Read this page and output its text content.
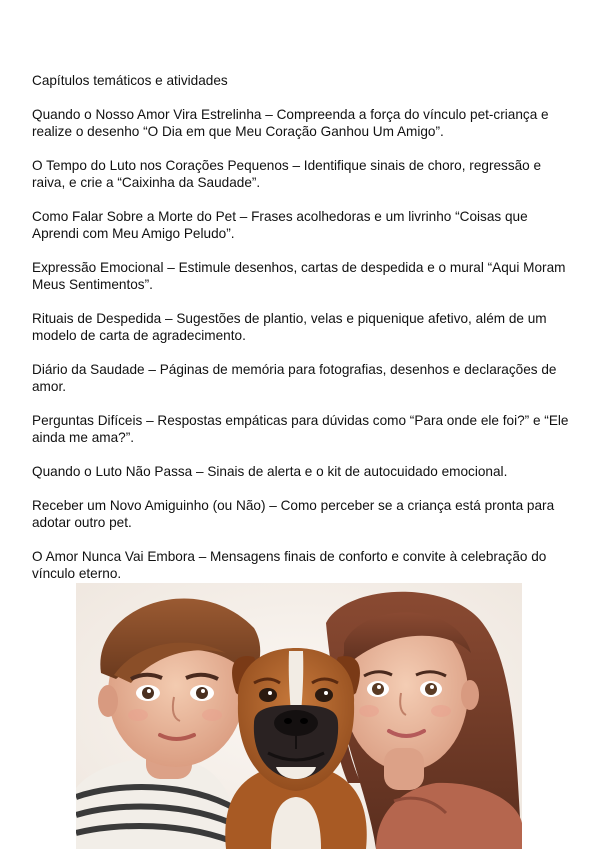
Capítulos temáticos e atividades

Quando o Nosso Amor Vira Estrelinha – Compreenda a força do vínculo pet-criança e realize o desenho “O Dia em que Meu Coração Ganhou Um Amigo”.

O Tempo do Luto nos Corações Pequenos – Identifique sinais de choro, regressão e raiva, e crie a “Caixinha da Saudade”.

Como Falar Sobre a Morte do Pet – Frases acolhedoras e um livrinho “Coisas que Aprendi com Meu Amigo Peludo”.

Expressão Emocional – Estimule desenhos, cartas de despedida e o mural “Aqui Moram Meus Sentimentos”.

Rituais de Despedida – Sugestões de plantio, velas e piquenique afetivo, além de um modelo de carta de agradecimento.

Diário da Saudade – Páginas de memória para fotografias, desenhos e declarações de amor.

Perguntas Difíceis – Respostas empáticas para dúvidas como “Para onde ele foi?” e “Ele ainda me ama?”.

Quando o Luto Não Passa – Sinais de alerta e o kit de autocuidado emocional.

Receber um Novo Amiguinho (ou Não) – Como perceber se a criança está pronta para adotar outro pet.

O Amor Nunca Vai Embora – Mensagens finais de conforto e convite à celebração do vínculo eterno.
